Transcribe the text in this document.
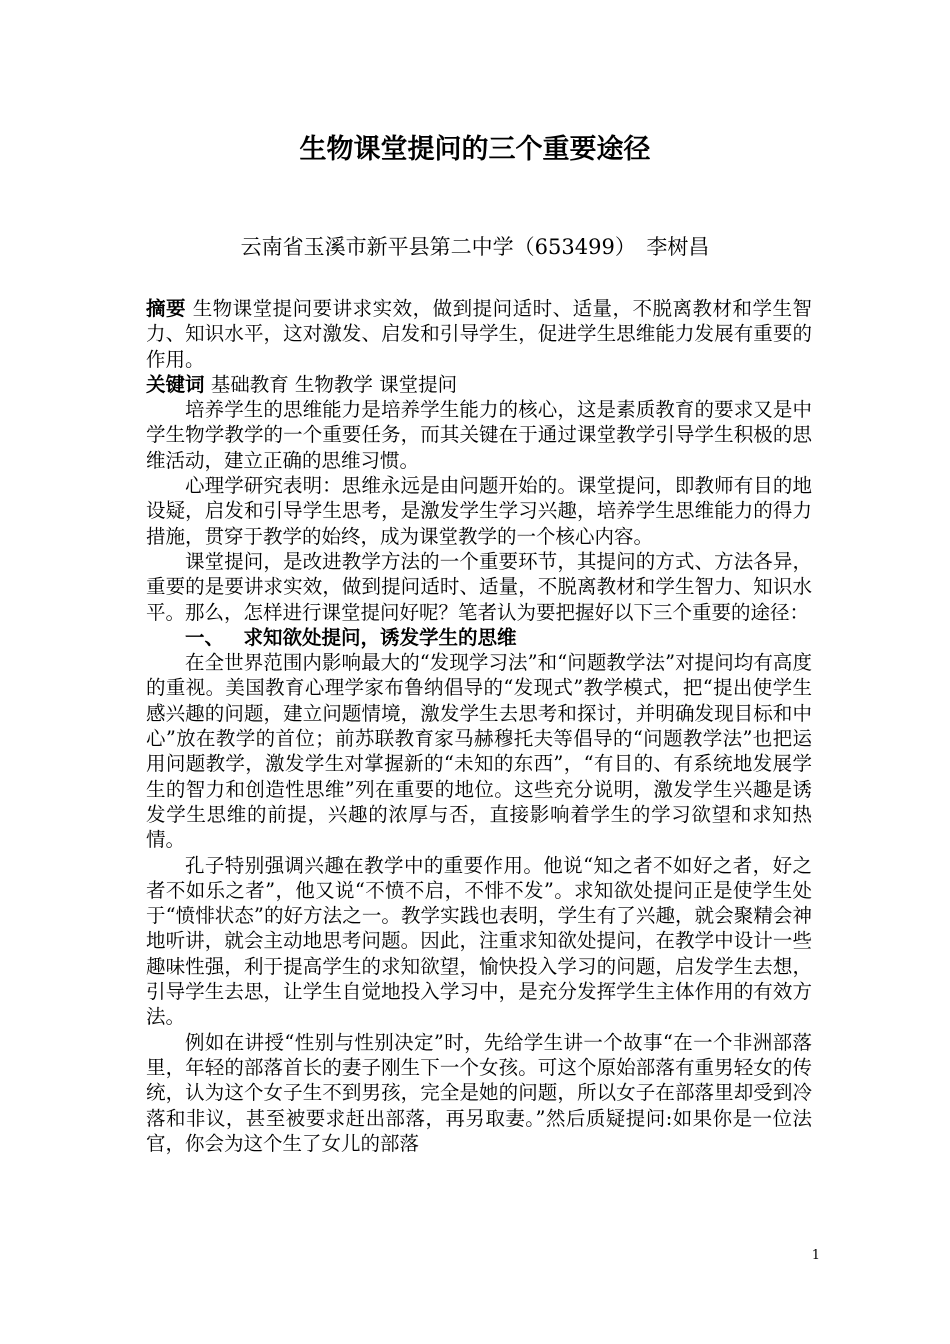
生物课堂提问的三个重要途径

云南省玉溪市新平县第二中学（653499）　李树昌

摘要 生物课堂提问要讲求实效，做到提问适时、适量，不脱离教材和学生智力、知识水平，这对激发、启发和引导学生，促进学生思维能力发展有重要的作用。

关键词 基础教育 生物教学 课堂提问

培养学生的思维能力是培养学生能力的核心，这是素质教育的要求又是中学生物学教学的一个重要任务，而其关键在于通过课堂教学引导学生积极的思维活动，建立正确的思维习惯。

心理学研究表明：思维永远是由问题开始的。课堂提问，即教师有目的地设疑，启发和引导学生思考，是激发学生学习兴趣，培养学生思维能力的得力措施，贯穿于教学的始终，成为课堂教学的一个核心内容。

课堂提问，是改进教学方法的一个重要环节，其提问的方式、方法各异，重要的是要讲求实效，做到提问适时、适量，不脱离教材和学生智力、知识水平。那么，怎样进行课堂提问好呢？笔者认为要把握好以下三个重要的途径：

一、 求知欲处提问，诱发学生的思维

在全世界范围内影响最大的“发现学习法”和“问题教学法”对提问均有高度的重视。美国教育心理学家布鲁纳倡导的“发现式”教学模式，把“提出使学生感兴趣的问题，建立问题情境，激发学生去思考和探讨，并明确发现目标和中心”放在教学的首位；前苏联教育家马赫穆托夫等倡导的“问题教学法”也把运用问题教学，激发学生对掌握新的“未知的东西”，“有目的、有系统地发展学生的智力和创造性思维”列在重要的地位。这些充分说明，激发学生兴趣是诱发学生思维的前提，兴趣的浓厚与否，直接影响着学生的学习欲望和求知热情。

孔子特别强调兴趣在教学中的重要作用。他说“知之者不如好之者，好之者不如乐之者”，他又说“不愤不启，不悱不发”。求知欲处提问正是使学生处于“愤悱状态”的好方法之一。教学实践也表明，学生有了兴趣，就会聚精会神地听讲，就会主动地思考问题。因此，注重求知欲处提问，在教学中设计一些趣味性强，利于提高学生的求知欲望，愉快投入学习的问题，启发学生去想，引导学生去思，让学生自觉地投入学习中，是充分发挥学生主体作用的有效方法。

例如在讲授“性别与性别决定”时，先给学生讲一个故事“在一个非洲部落里，年轻的部落首长的妻子刚生下一个女孩。可这个原始部落有重男轻女的传统，认为这个女子生不到男孩，完全是她的问题，所以女子在部落里却受到冷落和非议，甚至被要求赶出部落，再另取妻。”然后质疑提问:如果你是一位法官，你会为这个生了女儿的部落

1
